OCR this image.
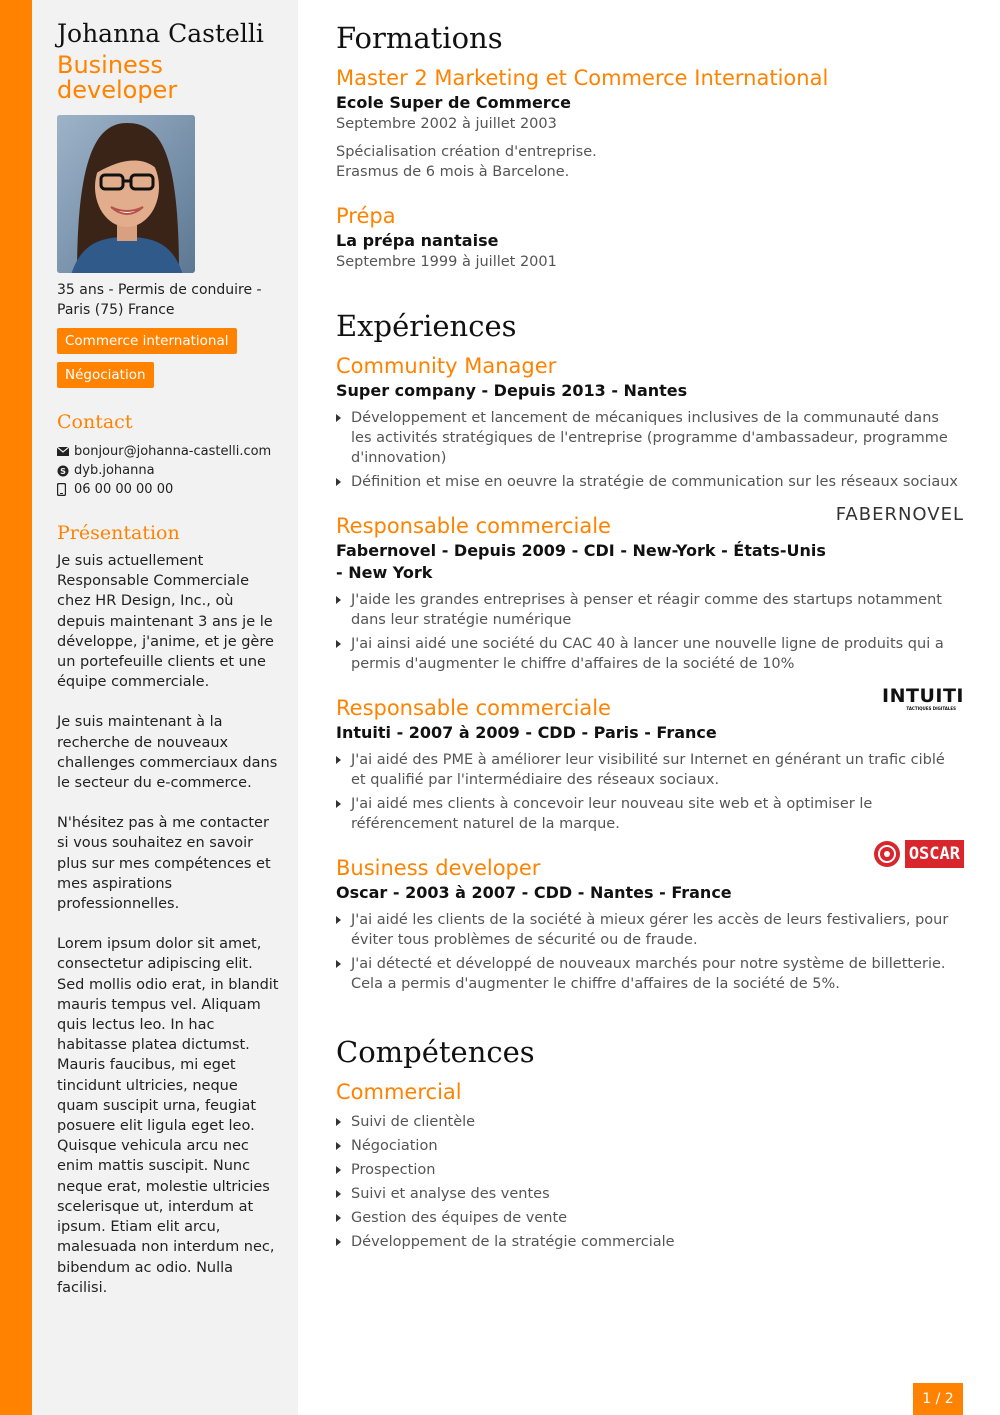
Johanna Castelli
Business developer
35 ans - Permis de conduire - Paris (75) France
Commerce international
Négociation
Contact
bonjour@johanna-castelli.com
S dyb.johanna
06 00 00 00 00
Présentation

Je suis actuellement Responsable Commerciale chez HR Design, Inc., où depuis maintenant 3 ans je le développe, j'anime, et je gère un portefeuille clients et une équipe commerciale.

Je suis maintenant à la recherche de nouveaux challenges commerciaux dans le secteur du e-commerce.

N'hésitez pas à me contacter si vous souhaitez en savoir plus sur mes compétences et mes aspirations professionnelles.

Lorem ipsum dolor sit amet, consectetur adipiscing elit. Sed mollis odio erat, in blandit mauris tempus vel. Aliquam quis lectus leo. In hac habitasse platea dictumst. Mauris faucibus, mi eget tincidunt ultricies, neque quam suscipit urna, feugiat posuere elit ligula eget leo. Quisque vehicula arcu nec enim mattis suscipit. Nunc neque erat, molestie ultricies scelerisque ut, interdum at ipsum. Etiam elit arcu, malesuada non interdum nec, bibendum ac odio. Nulla facilisi.

Formations
Master 2 Marketing et Commerce International
Ecole Super de Commerce
Septembre 2002 à juillet 2003
Spécialisation création d'entreprise.
Erasmus de 6 mois à Barcelone.
Prépa
La prépa nantaise
Septembre 1999 à juillet 2001
Expériences
Community Manager
Super company - Depuis 2013 - Nantes
Développement et lancement de mécaniques inclusives de la communauté dans les activités stratégiques de l'entreprise (programme d'ambassadeur, programme d'innovation)
Définition et mise en oeuvre la stratégie de communication sur les réseaux sociaux
FABERNOVEL
Responsable commerciale
Fabernovel - Depuis 2009 - CDI - New-York - États-Unis - New York
J'aide les grandes entreprises à penser et réagir comme des startups notamment dans leur stratégie numérique
J'ai ainsi aidé une société du CAC 40 à lancer une nouvelle ligne de produits qui a permis d'augmenter le chiffre d'affaires de la société de 10%
INTUITI
TACTIQUES DIGITALES
Responsable commerciale
Intuiti - 2007 à 2009 - CDD - Paris - France
J'ai aidé des PME à améliorer leur visibilité sur Internet en générant un trafic ciblé et qualifié par l'intermédiaire des réseaux sociaux.
J'ai aidé mes clients à concevoir leur nouveau site web et à optimiser le référencement naturel de la marque.
OSCAR
Business developer
Oscar - 2003 à 2007 - CDD - Nantes - France
J'ai aidé les clients de la société à mieux gérer les accès de leurs festivaliers, pour éviter tous problèmes de sécurité ou de fraude.
J'ai détecté et développé de nouveaux marchés pour notre système de billetterie. Cela a permis d'augmenter le chiffre d'affaires de la société de 5%.
Compétences
Commercial
Suivi de clientèle
Négociation
Prospection
Suivi et analyse des ventes
Gestion des équipes de vente
Développement de la stratégie commerciale
1 / 2
